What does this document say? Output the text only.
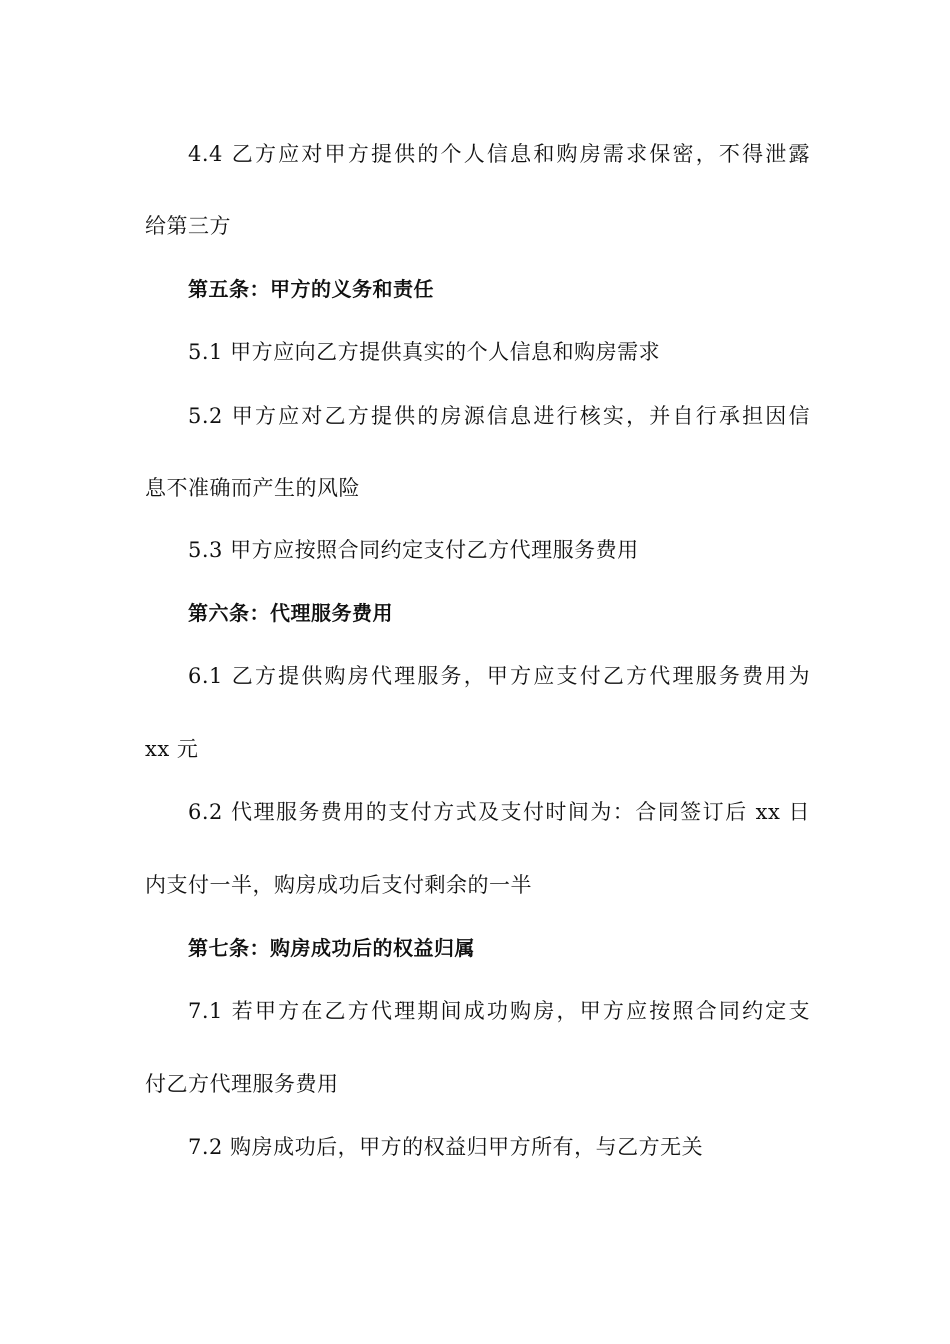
4.4 乙方应对甲方提供的个人信息和购房需求保密，不得泄露
给第三方
第五条：甲方的义务和责任
5.1 甲方应向乙方提供真实的个人信息和购房需求
5.2 甲方应对乙方提供的房源信息进行核实，并自行承担因信
息不准确而产生的风险
5.3 甲方应按照合同约定支付乙方代理服务费用
第六条：代理服务费用
6.1 乙方提供购房代理服务，甲方应支付乙方代理服务费用为
xx 元
6.2 代理服务费用的支付方式及支付时间为：合同签订后 xx 日
内支付一半，购房成功后支付剩余的一半
第七条：购房成功后的权益归属
7.1 若甲方在乙方代理期间成功购房，甲方应按照合同约定支
付乙方代理服务费用
7.2 购房成功后，甲方的权益归甲方所有，与乙方无关
